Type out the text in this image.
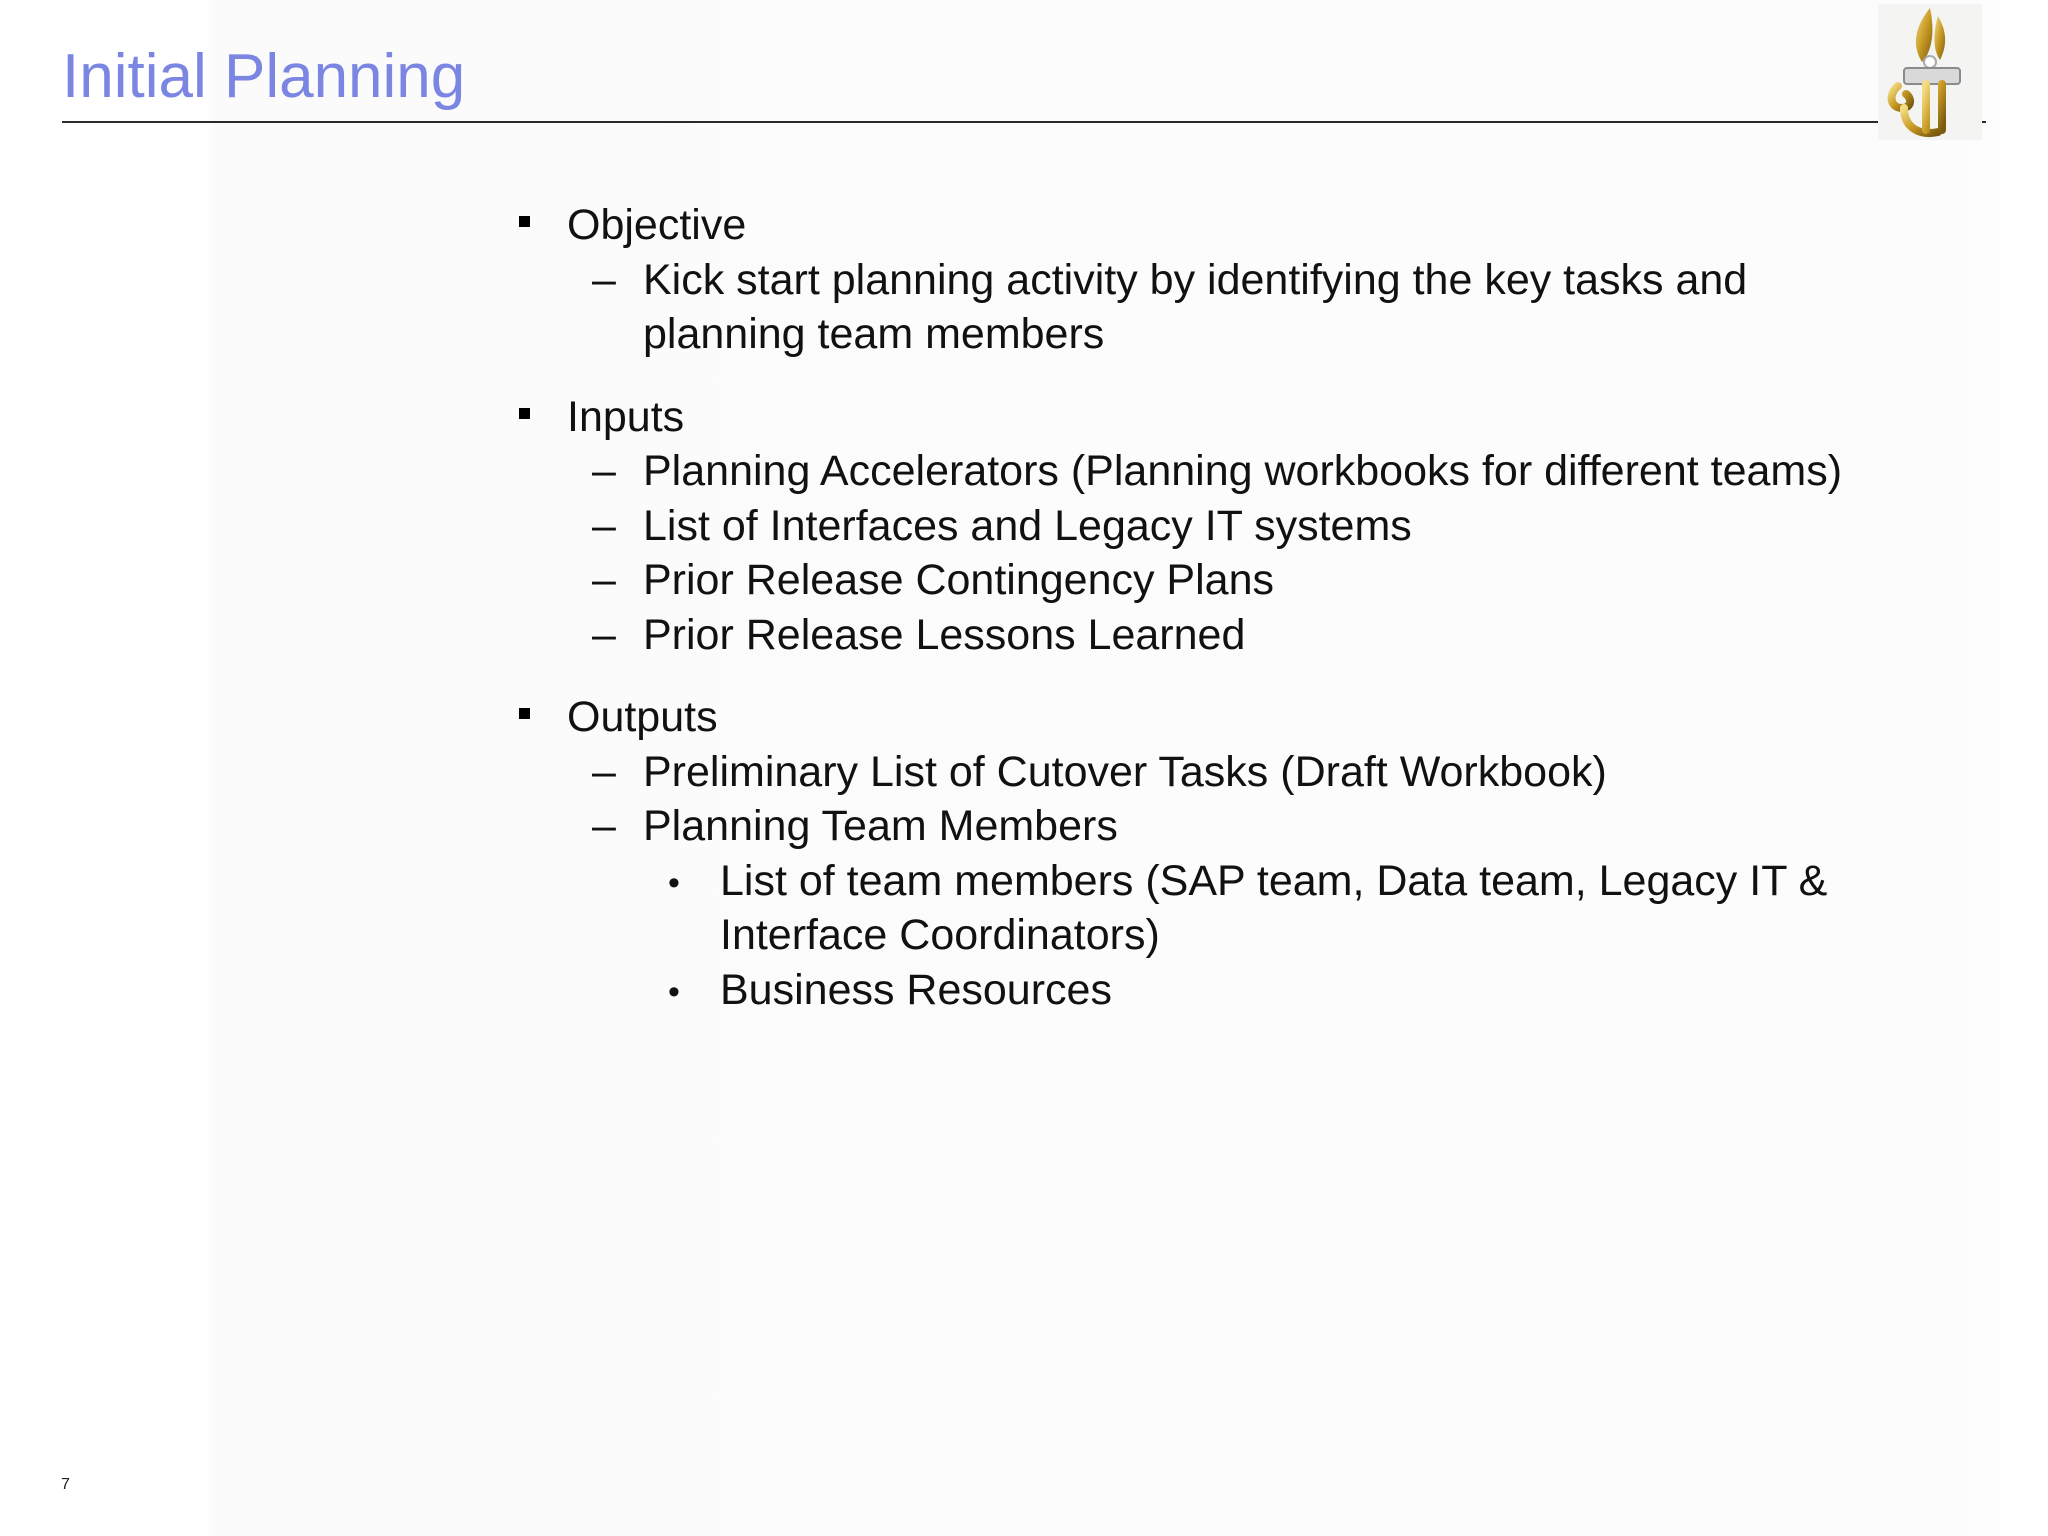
Initial Planning
Objective
– Kick start planning activity by identifying the key tasks and
planning team members
Inputs
– Planning Accelerators (Planning workbooks for different teams)
– List of Interfaces and Legacy IT systems
– Prior Release Contingency Plans
– Prior Release Lessons Learned
Outputs
– Preliminary List of Cutover Tasks (Draft Workbook)
– Planning Team Members
• List of team members (SAP team, Data team, Legacy IT &
Interface Coordinators)
• Business Resources
7
